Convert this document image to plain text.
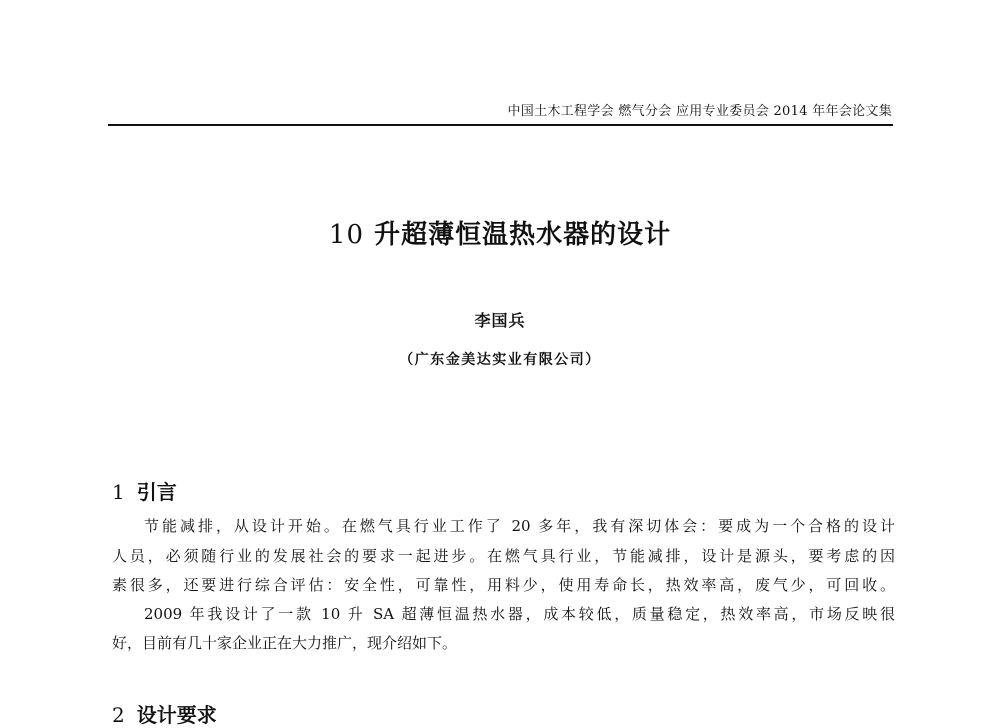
中国土木工程学会 燃气分会 应用专业委员会 2014 年年会论文集
10 升超薄恒温热水器的设计
李国兵
（广东金美达实业有限公司）
1 引言
节能减排，从设计开始。在燃气具行业工作了 20 多年，我有深切体会：要成为一个合格的设计
人员，必须随行业的发展社会的要求一起进步。在燃气具行业，节能减排，设计是源头，要考虑的因
素很多，还要进行综合评估：安全性，可靠性，用料少，使用寿命长，热效率高，废气少，可回收。
2009 年我设计了一款 10 升 SA 超薄恒温热水器，成本较低，质量稳定，热效率高，市场反映很
好，目前有几十家企业正在大力推广，现介绍如下。
2 设计要求
